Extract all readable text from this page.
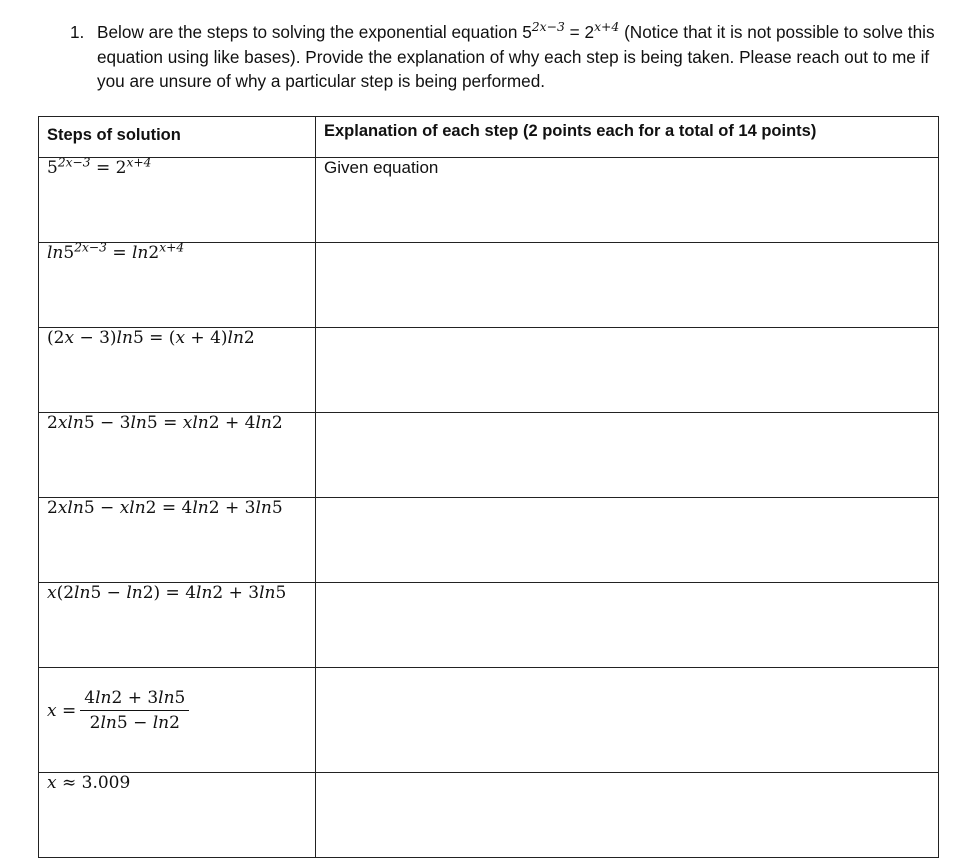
1. Below are the steps to solving the exponential equation $5^{2x-3} = 2^{x+4}$ (Notice that it is not possible to solve this equation using like bases). Provide the explanation of why each step is being taken. Please reach out to me if you are unsure of why a particular step is being performed.
Steps of solution	Explanation of each step (2 points each for a total of 14 points)
$5^{2x-3} = 2^{x+4}$	Given equation
$\ln 5^{2x-3} = \ln 2^{x+4}$	
(2x − 3)ln5 = (x + 4)ln2	
2xln5 − 3ln5 = xln2 + 4ln2	
2xln5 − xln2 = 4ln2 + 3ln5	
x(2ln5 − ln2) = 4ln2 + 3ln5	

$x = \frac{4\ln 2 + 3\ln 5}{2\ln 5 - \ln 2}$

x ≈ 3.009	
